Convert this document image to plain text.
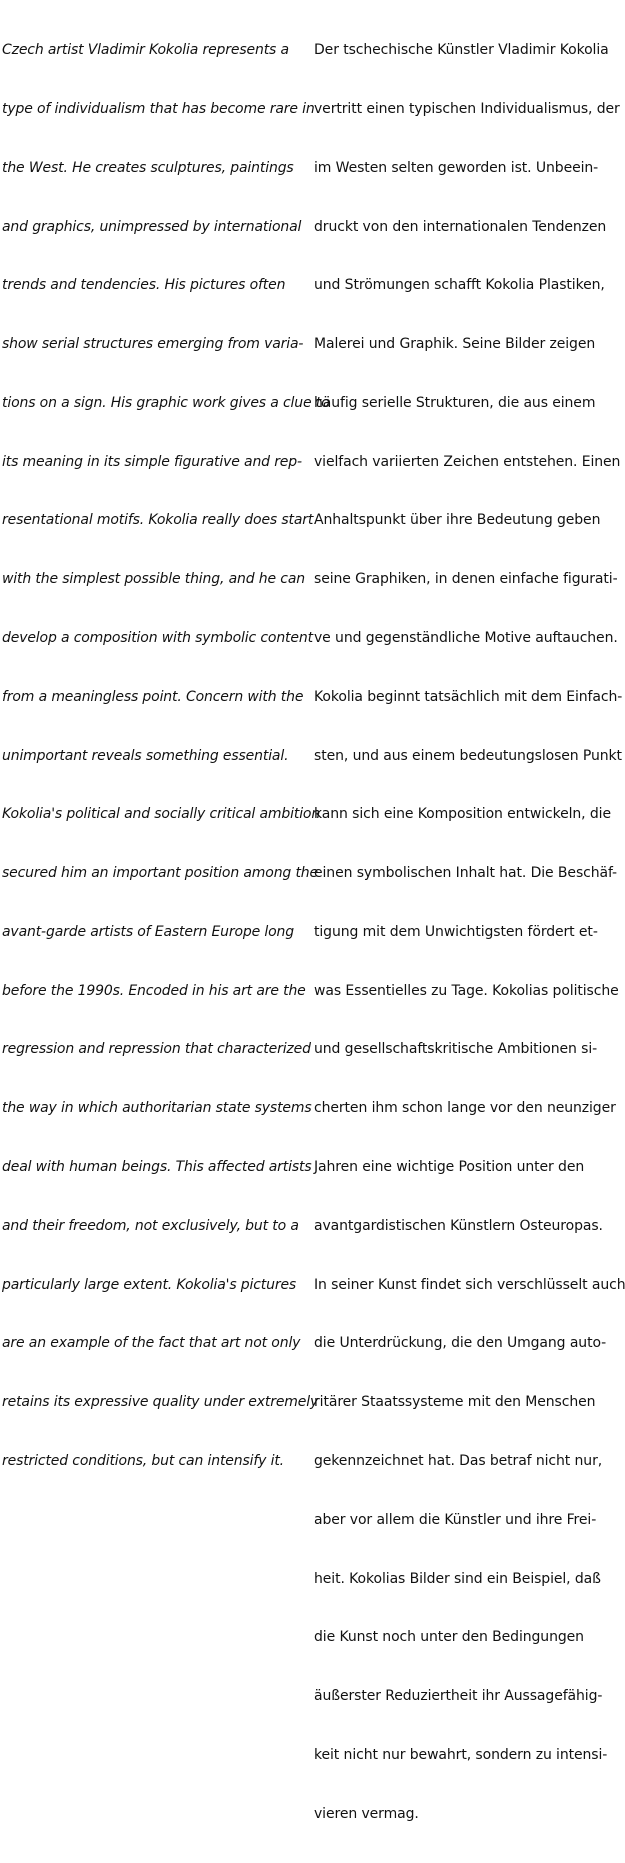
Czech artist Vladimir Kokolia represents a

type of individualism that has become rare in

the West. He creates sculptures, paintings

and graphics, unimpressed by international

trends and tendencies. His pictures often

show serial structures emerging from varia-

tions on a sign. His graphic work gives a clue to

its meaning in its simple figurative and rep-

resentational motifs. Kokolia really does start

with the simplest possible thing, and he can

develop a composition with symbolic content

from a meaningless point. Concern with the

unimportant reveals something essential.

Kokolia's political and socially critical ambition

secured him an important position among the

avant-garde artists of Eastern Europe long

before the 1990s. Encoded in his art are the

regression and repression that characterized

the way in which authoritarian state systems

deal with human beings. This affected artists

and their freedom, not exclusively, but to a

particularly large extent. Kokolia's pictures

are an example of the fact that art not only

retains its expressive quality under extremely

restricted conditions, but can intensify it.

Der tschechische Künstler Vladimir Kokolia

vertritt einen typischen Individualismus, der

im Westen selten geworden ist. Unbeein-

druckt von den internationalen Tendenzen

und Strömungen schafft Kokolia Plastiken,

Malerei und Graphik. Seine Bilder zeigen

häufig serielle Strukturen, die aus einem

vielfach variierten Zeichen entstehen. Einen

Anhaltspunkt über ihre Bedeutung geben

seine Graphiken, in denen einfache figurati-

ve und gegenständliche Motive auftauchen.

Kokolia beginnt tatsächlich mit dem Einfach-

sten, und aus einem bedeutungslosen Punkt

kann sich eine Komposition entwickeln, die

einen symbolischen Inhalt hat. Die Beschäf-

tigung mit dem Unwichtigsten fördert et-

was Essentielles zu Tage. Kokolias politische

und gesellschaftskritische Ambitionen si-

cherten ihm schon lange vor den neunziger

Jahren eine wichtige Position unter den

avantgardistischen Künstlern Osteuropas.

In seiner Kunst findet sich verschlüsselt auch

die Unterdrückung, die den Umgang auto-

ritärer Staatssysteme mit den Menschen

gekennzeichnet hat. Das betraf nicht nur,

aber vor allem die Künstler und ihre Frei-

heit. Kokolias Bilder sind ein Beispiel, daß

die Kunst noch unter den Bedingungen

äußerster Reduziertheit ihr Aussagefähig-

keit nicht nur bewahrt, sondern zu intensi-

vieren vermag.
